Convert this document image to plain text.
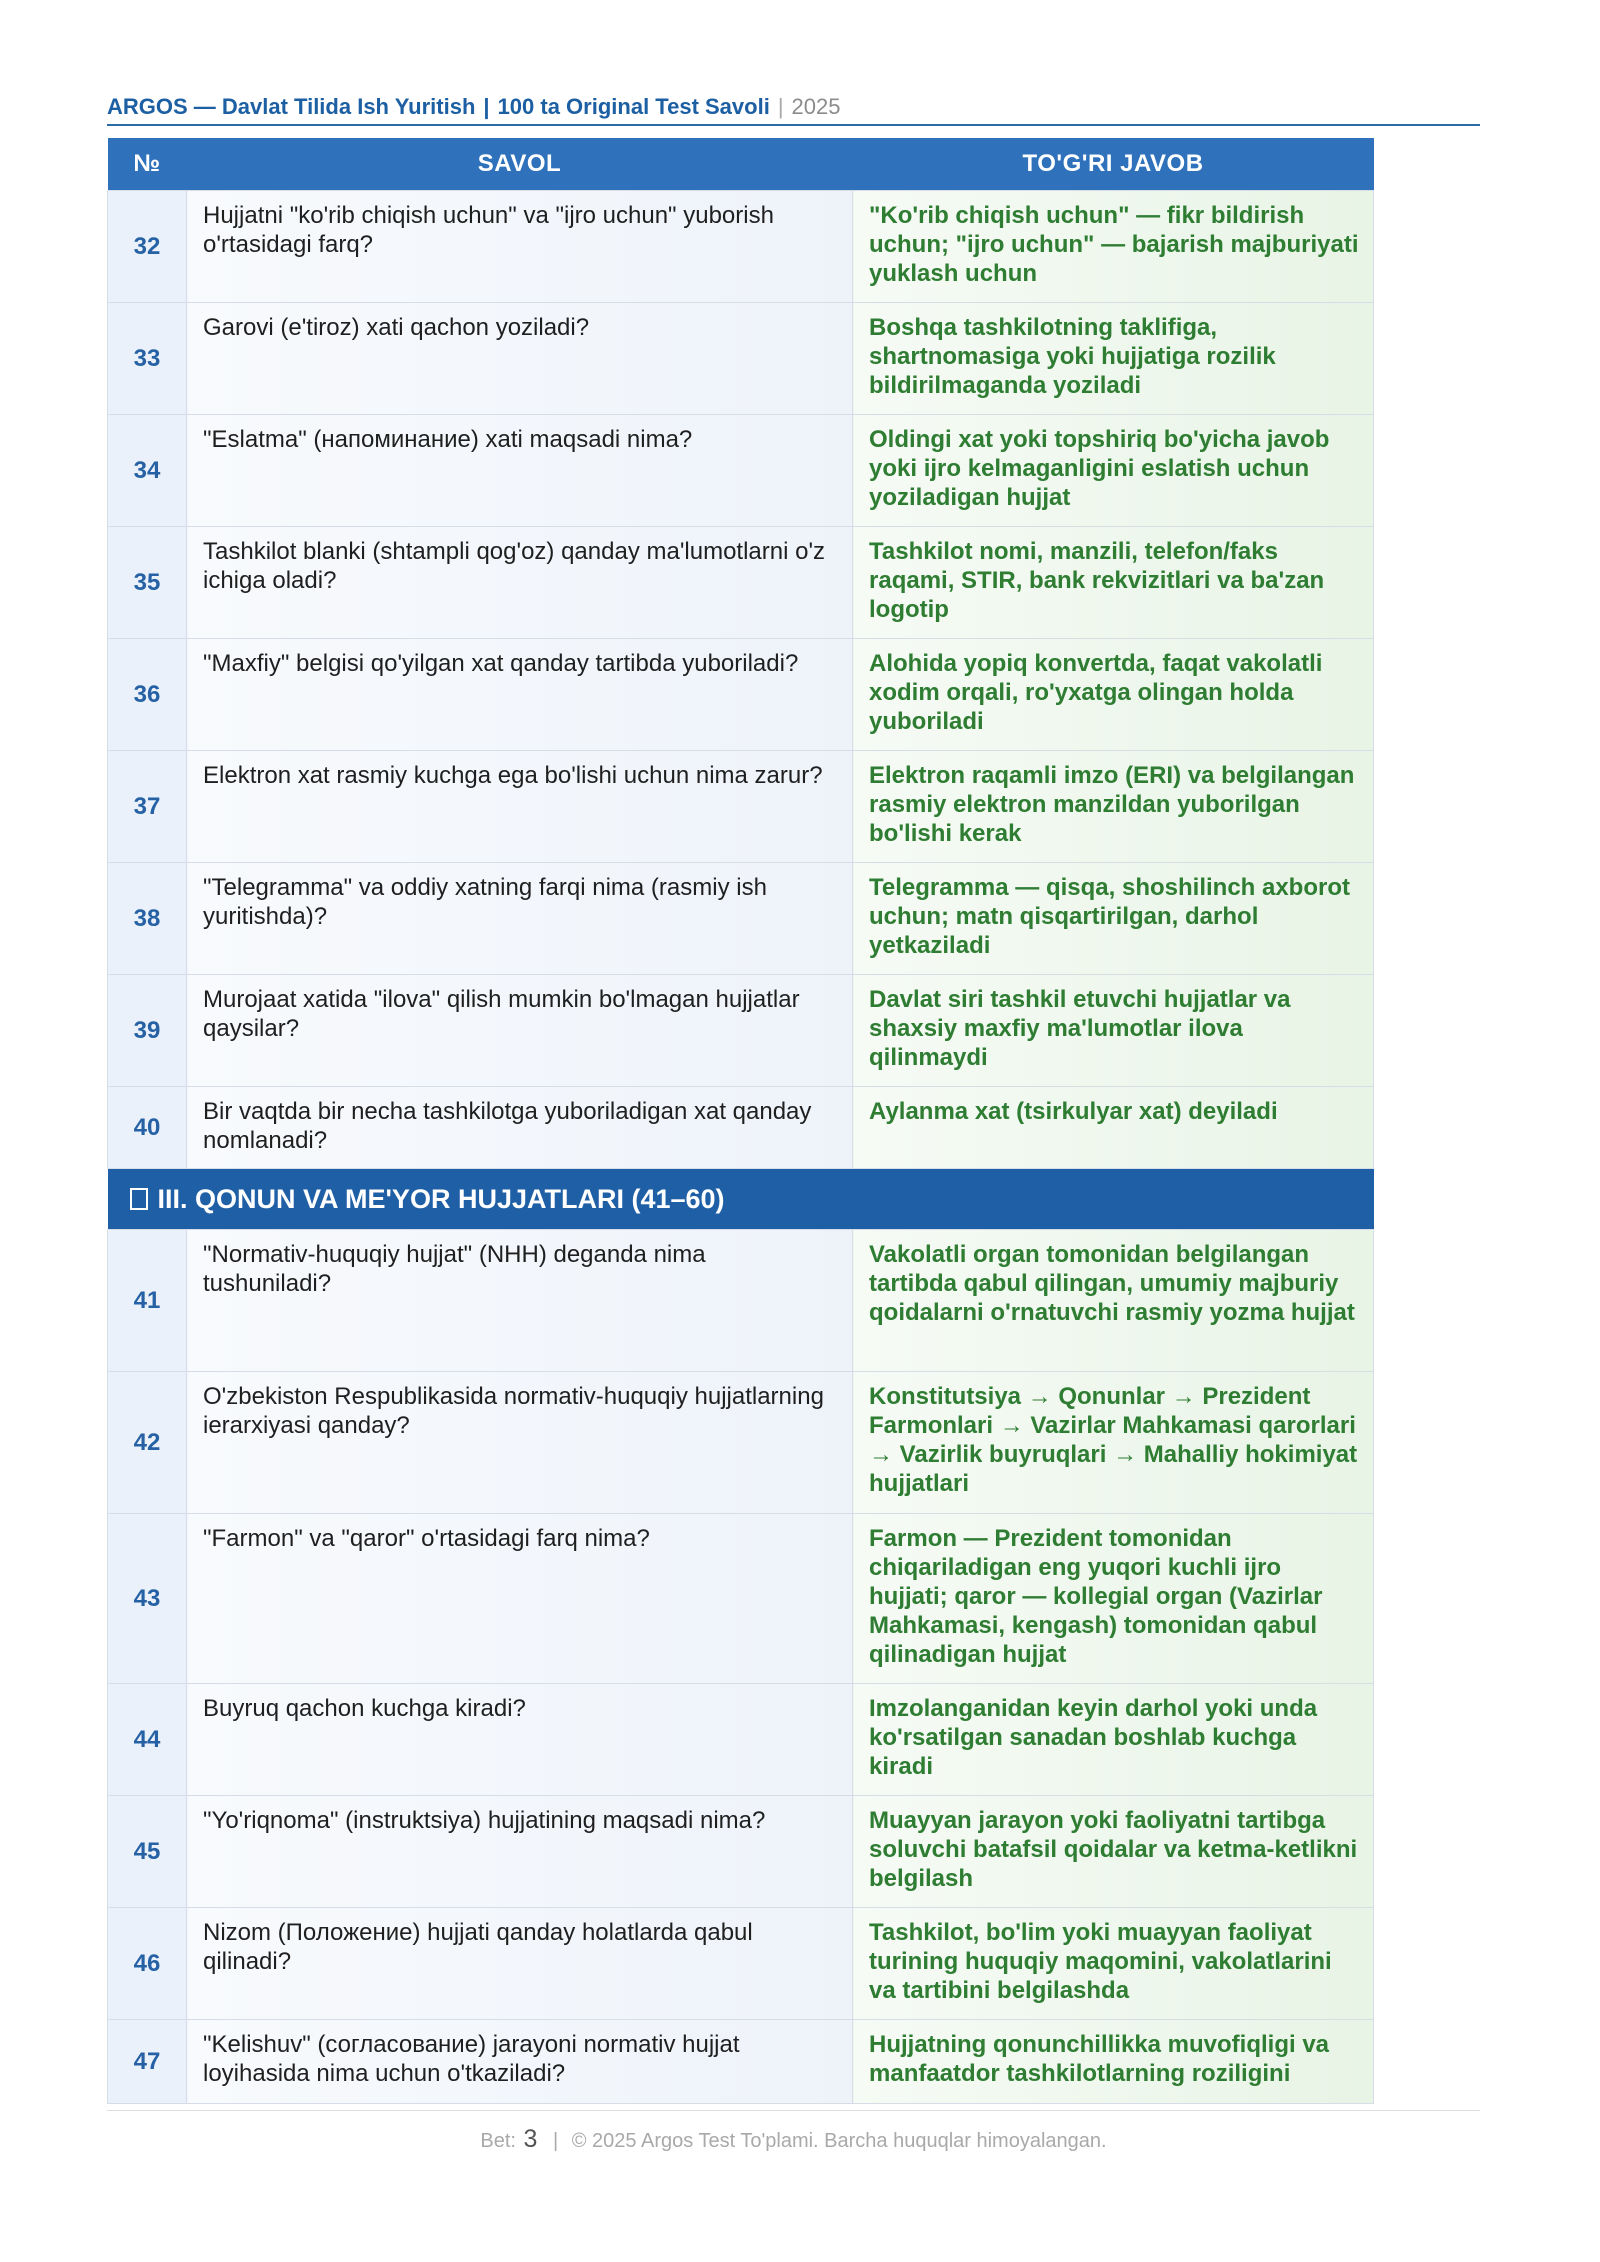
ARGOS — Davlat Tilida Ish Yuritish | 100 ta Original Test Savoli | 2025
№	SAVOL	TO'G'RI JAVOB
32	Hujjatni "ko'rib chiqish uchun" va "ijro uchun" yuborish o'rtasidagi farq?	"Ko'rib chiqish uchun" — fikr bildirish uchun; "ijro uchun" — bajarish majburiyati yuklash uchun

33	Garovi (e'tiroz) xati qachon yoziladi?	Boshqa tashkilotning taklifiga, shartnomasiga yoki hujjatiga rozilik bildirilmaganda yoziladi

34	"Eslatma" (напоминание) xati maqsadi nima?	Oldingi xat yoki topshiriq bo'yicha javob yoki ijro kelmaganligini eslatish uchun yoziladigan hujjat

35	Tashkilot blanki (shtampli qog'oz) qanday ma'lumotlarni o'z ichiga oladi?	Tashkilot nomi, manzili, telefon/faks raqami, STIR, bank rekvizitlari va ba'zan logotip

36	"Maxfiy" belgisi qo'yilgan xat qanday tartibda yuboriladi?	Alohida yopiq konvertda, faqat vakolatli xodim orqali, ro'yxatga olingan holda yuboriladi

37	Elektron xat rasmiy kuchga ega bo'lishi uchun nima zarur?	Elektron raqamli imzo (ERI) va belgilangan rasmiy elektron manzildan yuborilgan bo'lishi kerak

38	"Telegramma" va oddiy xatning farqi nima (rasmiy ish yuritishda)?	Telegramma — qisqa, shoshilinch axborot uchun; matn qisqartirilgan, darhol yetkaziladi

39	Murojaat xatida "ilova" qilish mumkin bo'lmagan hujjatlar qaysilar?	Davlat siri tashkil etuvchi hujjatlar va shaxsiy maxfiy ma'lumotlar ilova qilinmaydi

40	Bir vaqtda bir necha tashkilotga yuboriladigan xat qanday nomlanadi?	Aylanma xat (tsirkulyar xat) deyiladi

III. QONUN VA ME'YOR HUJJATLARI (41–60)		
41	"Normativ-huquqiy hujjat" (NHH) deganda nima tushuniladi?	Vakolatli organ tomonidan belgilangan tartibda qabul qilingan, umumiy majburiy qoidalarni o'rnatuvchi rasmiy yozma hujjat

42	O'zbekiston Respublikasida normativ-huquqiy hujjatlarning ierarxiyasi qanday?	Konstitutsiya → Qonunlar → Prezident Farmonlari → Vazirlar Mahkamasi qarorlari → Vazirlik buyruqlari → Mahalliy hokimiyat hujjatlari

43	"Farmon" va "qaror" o'rtasidagi farq nima?	Farmon — Prezident tomonidan chiqariladigan eng yuqori kuchli ijro hujjati; qaror — kollegial organ (Vazirlar Mahkamasi, kengash) tomonidan qabul qilinadigan hujjat

44	Buyruq qachon kuchga kiradi?	Imzolanganidan keyin darhol yoki unda ko'rsatilgan sanadan boshlab kuchga kiradi

45	"Yo'riqnoma" (instruktsiya) hujjatining maqsadi nima?	Muayyan jarayon yoki faoliyatni tartibga soluvchi batafsil qoidalar va ketma-ketlikni belgilash

46	Nizom (Положение) hujjati qanday holatlarda qabul qilinadi?	Tashkilot, bo'lim yoki muayyan faoliyat turining huquqiy maqomini, vakolatlarini va tartibini belgilashda

47	"Kelishuv" (согласование) jarayoni normativ hujjat loyihasida nima uchun o'tkaziladi?	Hujjatning qonunchillikka muvofiqligi va manfaatdor tashkilotlarning roziligini
Bet: 3 | © 2025 Argos Test To'plami. Barcha huquqlar himoyalangan.
